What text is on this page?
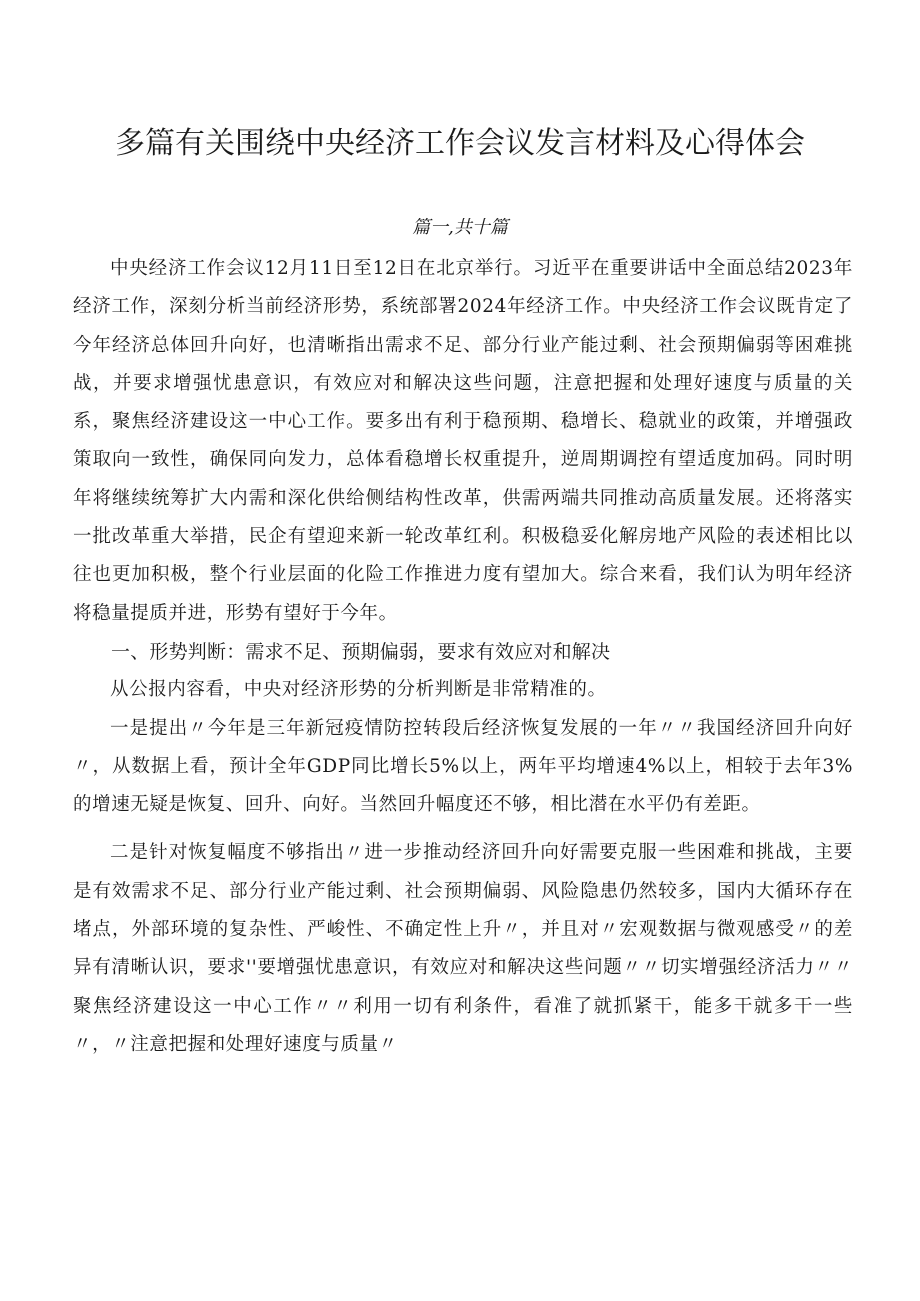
多篇有关围绕中央经济工作会议发言材料及心得体会

篇一,共十篇

中央经济工作会议12月11日至12日在北京举行。习近平在重要讲话中全面总结2023年经济工作，深刻分析当前经济形势，系统部署2024年经济工作。中央经济工作会议既肯定了今年经济总体回升向好，也清晰指出需求不足、部分行业产能过剩、社会预期偏弱等困难挑战，并要求增强忧患意识，有效应对和解决这些问题，注意把握和处理好速度与质量的关系，聚焦经济建设这一中心工作。要多出有利于稳预期、稳增长、稳就业的政策，并增强政策取向一致性，确保同向发力，总体看稳增长权重提升，逆周期调控有望适度加码。同时明年将继续统筹扩大内需和深化供给侧结构性改革，供需两端共同推动高质量发展。还将落实一批改革重大举措，民企有望迎来新一轮改革红利。积极稳妥化解房地产风险的表述相比以往也更加积极，整个行业层面的化险工作推进力度有望加大。综合来看，我们认为明年经济将稳量提质并进，形势有望好于今年。

一、形势判断：需求不足、预期偏弱，要求有效应对和解决

从公报内容看，中央对经济形势的分析判断是非常精准的。

一是提出〃今年是三年新冠疫情防控转段后经济恢复发展的一年〃〃我国经济回升向好〃，从数据上看，预计全年GDP同比增长5%以上，两年平均增速4%以上，相较于去年3%的增速无疑是恢复、回升、向好。当然回升幅度还不够，相比潜在水平仍有差距。

二是针对恢复幅度不够指出〃进一步推动经济回升向好需要克服一些困难和挑战，主要是有效需求不足、部分行业产能过剩、社会预期偏弱、风险隐患仍然较多，国内大循环存在堵点，外部环境的复杂性、严峻性、不确定性上升〃，并且对〃宏观数据与微观感受〃的差异有清晰认识，要求''要增强忧患意识，有效应对和解决这些问题〃〃切实增强经济活力〃〃聚焦经济建设这一中心工作〃〃利用一切有利条件，看准了就抓紧干，能多干就多干一些〃，〃注意把握和处理好速度与质量〃
